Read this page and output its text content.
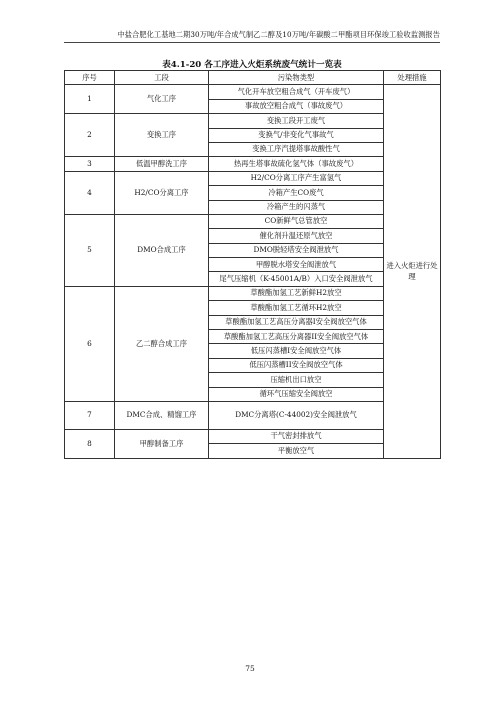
中盐合肥化工基地二期30万吨/年合成气制乙二醇及10万吨/年碳酸二甲酯项目环保竣工验收监测报告
表4.1-20 各工序进入火炬系统废气统计一览表
序号	工段	污染物类型	处理措施
1	气化工序	气化开车放空粗合成气（开车废气）	进入火炬进行处理
		事故放空粗合成气（事故废气）	
2	变换工序	变换工段开工废气	
		变换气/非变化气事故气	
		变换工序汽提塔事故酸性气	
3	低温甲醇洗工序	热再生塔事故硫化氢气体（事故废气）	
4	H2/CO分离工序	H2/CO分离工序产生富氢气	
		冷箱产生CO废气	
		冷箱产生的闪蒸气	
5	DMO合成工序	CO新鲜气总管放空	
		催化剂升温还原气放空	
		DMO脱轻塔安全阀泄放气	
		甲醇脱水塔安全阀泄放气	
		尾气压缩机（K-45001A/B）入口安全阀泄放气	
6	乙二醇合成工序	草酸酯加氢工艺新鲜H2放空	
		草酸酯加氢工艺循环H2放空	
		草酸酯加氢工艺高压分离器I安全阀放空气体	
		草酸酯加氢工艺高压分离器II安全阀放空气体	
		低压闪蒸槽I安全阀放空气体	
		低压闪蒸槽II安全阀放空气体	
		压缩机出口放空	
		循环气压缩安全阀放空	
7	DMC合成、精馏工序	DMC分离塔(C-44002)安全阀泄放气	
8	甲醇制备工序	干气密封排放气	
		平衡放空气	
75
